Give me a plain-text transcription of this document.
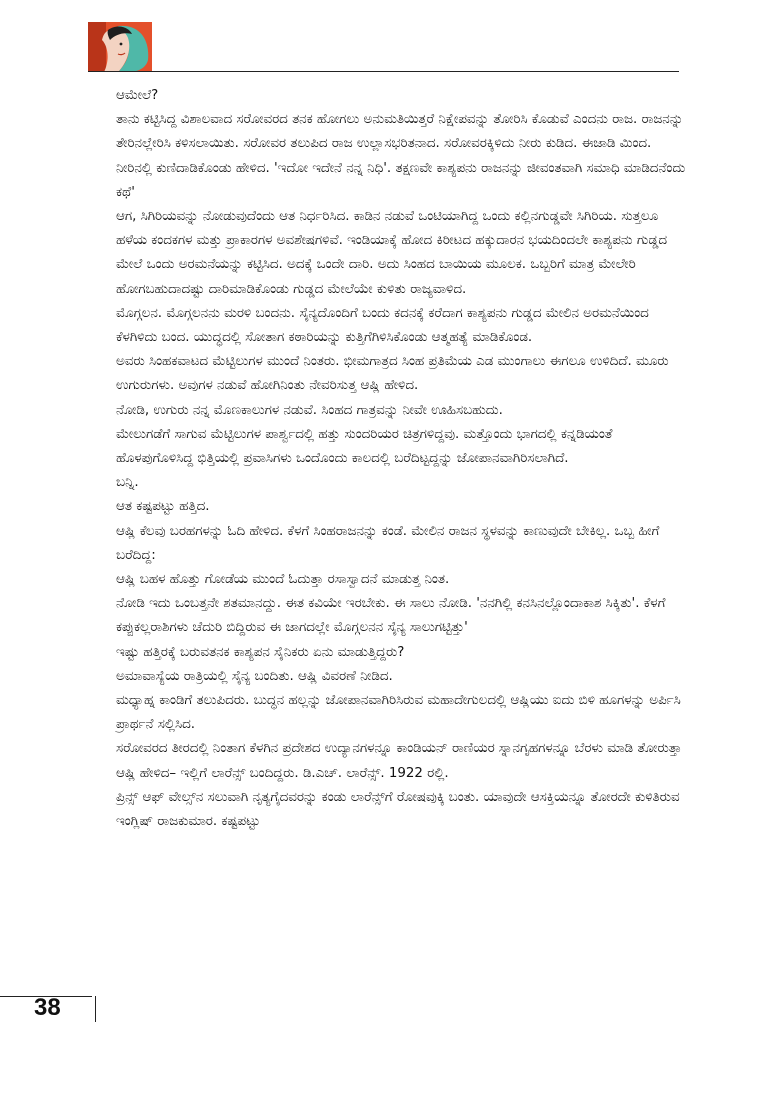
ಆಮೇಲೆ?

ತಾನು ಕಟ್ಟಿಸಿದ್ದ ವಿಶಾಲವಾದ ಸರೋವರದ ತನಕ ಹೋಗಲು ಅನುಮತಿಯಿತ್ತರೆ ನಿಕ್ಷೇಪವನ್ನು ತೋರಿಸಿ ಕೊಡುವೆ ಎಂದನು ರಾಜ. ರಾಜನನ್ನು ತೇರಿನಲ್ಲೇರಿಸಿ ಕಳಿಸಲಾಯಿತು. ಸರೋವರ ತಲುಪಿದ ರಾಜ ಉಲ್ಲಾಸಭರಿತನಾದ. ಸರೋವರಕ್ಕಿಳಿದು ನೀರು ಕುಡಿದ. ಈಜಾಡಿ ಮಿಂದ. ನೀರಿನಲ್ಲಿ ಕುಣಿದಾಡಿಕೊಂಡು ಹೇಳಿದ. 'ಇದೋ ಇದೇನೆ ನನ್ನ ನಿಧಿ'. ತಕ್ಷಣವೇ ಕಾಶ್ಯಪನು ರಾಜನನ್ನು ಜೀವಂತವಾಗಿ ಸಮಾಧಿ ಮಾಡಿದನೆಂದು ಕಥೆ'

ಆಗ, ಸಿಗಿರಿಯವನ್ನು ನೋಡುವುದೆಂದು ಆತ ನಿರ್ಧರಿಸಿದ. ಕಾಡಿನ ನಡುವೆ ಒಂಟಿಯಾಗಿದ್ದ ಒಂದು ಕಲ್ಲಿನಗುಡ್ಡವೇ ಸಿಗಿರಿಯ. ಸುತ್ತಲೂ ಹಳೆಯ ಕಂದಕಗಳ ಮತ್ತು ಪ್ರಾಕಾರಗಳ ಅವಶೇಷಗಳಿವೆ. ಇಂಡಿಯಾಕ್ಕೆ ಹೋದ ಕಿರೀಟದ ಹಕ್ಕುದಾರನ ಭಯದಿಂದಲೇ ಕಾಶ್ಯಪನು ಗುಡ್ಡದ ಮೇಲೆ ಒಂದು ಅರಮನೆಯನ್ನು ಕಟ್ಟಿಸಿದ. ಅದಕ್ಕೆ ಒಂದೇ ದಾರಿ. ಅದು ಸಿಂಹದ ಬಾಯಿಯ ಮೂಲಕ. ಒಬ್ಬರಿಗೆ ಮಾತ್ರ ಮೇಲೇರಿ ಹೋಗಬಹುದಾದಷ್ಟು ದಾರಿಮಾಡಿಕೊಂಡು ಗುಡ್ಡದ ಮೇಲೆಯೇ ಕುಳಿತು ರಾಜ್ಯವಾಳಿದ.

ಮೊಗ್ಗಲನ. ಮೊಗ್ಗಲನನು ಮರಳಿ ಬಂದನು. ಸೈನ್ಯದೊಂದಿಗೆ ಬಂದು ಕದನಕ್ಕೆ ಕರೆದಾಗ ಕಾಶ್ಯಪನು ಗುಡ್ಡದ ಮೇಲಿನ ಅರಮನೆಯಿಂದ ಕೆಳಗಿಳಿದು ಬಂದ. ಯುದ್ಧದಲ್ಲಿ ಸೋತಾಗ ಕಠಾರಿಯನ್ನು ಕುತ್ತಿಗೆಗಿಳಿಸಿಕೊಂಡು ಆತ್ಮಹತ್ಯೆ ಮಾಡಿಕೊಂಡ.

ಅವರು ಸಿಂಹಕವಾಟದ ಮೆಟ್ಟಿಲುಗಳ ಮುಂದೆ ನಿಂತರು. ಭೀಮಗಾತ್ರದ ಸಿಂಹ ಪ್ರತಿಮೆಯ ಎಡ ಮುಂಗಾಲು ಈಗಲೂ ಉಳಿದಿದೆ. ಮೂರು ಉಗುರುಗಳು. ಅವುಗಳ ನಡುವೆ ಹೋಗಿನಿಂತು ನೇವರಿಸುತ್ತ ಆಷ್ಲಿ ಹೇಳಿದ.

ನೋಡಿ, ಉಗುರು ನನ್ನ ಮೊಣಕಾಲುಗಳ ನಡುವೆ. ಸಿಂಹದ ಗಾತ್ರವನ್ನು ನೀವೇ ಊಹಿಸಬಹುದು.

ಮೇಲುಗಡೆಗೆ ಸಾಗುವ ಮೆಟ್ಟಿಲುಗಳ ಪಾರ್ಶ್ವದಲ್ಲಿ ಹತ್ತು ಸುಂದರಿಯರ ಚಿತ್ರಗಳಿದ್ದವು. ಮತ್ತೊಂದು ಭಾಗದಲ್ಲಿ ಕನ್ನಡಿಯಂತೆ ಹೊಳಪುಗೊಳಿಸಿದ್ದ ಭಿತ್ತಿಯಲ್ಲಿ ಪ್ರವಾಸಿಗಳು ಒಂದೊಂದು ಕಾಲದಲ್ಲಿ ಬರೆದಿಟ್ಟದ್ದನ್ನು ಜೋಪಾನವಾಗಿರಿಸಲಾಗಿದೆ.

ಬನ್ನಿ.

ಆತ ಕಷ್ಟಪಟ್ಟು ಹತ್ತಿದ.

ಆಷ್ಲಿ ಕೆಲವು ಬರಹಗಳನ್ನು ಓದಿ ಹೇಳಿದ. ಕೆಳಗೆ ಸಿಂಹರಾಜನನ್ನು ಕಂಡೆ. ಮೇಲಿನ ರಾಜನ ಸ್ಥಳವನ್ನು ಕಾಣುವುದೇ ಬೇಕಿಲ್ಲ. ಒಬ್ಬ ಹೀಗೆ ಬರೆದಿದ್ದ:

ಆಷ್ಲಿ ಬಹಳ ಹೊತ್ತು ಗೋಡೆಯ ಮುಂದೆ ಓದುತ್ತಾ ರಸಾಸ್ವಾದನೆ ಮಾಡುತ್ತ ನಿಂತ.

ನೋಡಿ ಇದು ಒಂಬತ್ತನೇ ಶತಮಾನದ್ದು. ಈತ ಕವಿಯೇ ಇರಬೇಕು. ಈ ಸಾಲು ನೋಡಿ. 'ನನಗಿಲ್ಲಿ ಕನಸಿನಲ್ಲೊಂದಾಕಾಶ ಸಿಕ್ಕಿತು'. ಕೆಳಗೆ ಕಪ್ಪುಕಲ್ಲರಾಶಿಗಳು ಚೆದುರಿ ಬಿದ್ದಿರುವ ಈ ಜಾಗದಲ್ಲೇ ಮೊಗ್ಗಲನನ ಸೈನ್ಯ ಸಾಲುಗಟ್ಟಿತ್ತು'

ಇಷ್ಟು ಹತ್ತಿರಕ್ಕೆ ಬರುವತನಕ ಕಾಶ್ಯಪನ ಸೈನಿಕರು ಏನು ಮಾಡುತ್ತಿದ್ದರು?

ಅಮಾವಾಸ್ಯೆಯ ರಾತ್ರಿಯಲ್ಲಿ ಸೈನ್ಯ ಬಂದಿತು. ಆಷ್ಲಿ ವಿವರಣೆ ನೀಡಿದ.

ಮಧ್ಯಾಹ್ನ ಕಾಂಡಿಗೆ ತಲುಪಿದರು. ಬುದ್ಧನ ಹಲ್ಲನ್ನು ಜೋಪಾನವಾಗಿರಿಸಿರುವ ಮಹಾದೇಗುಲದಲ್ಲಿ ಆಷ್ಲಿಯು ಐದು ಬಿಳಿ ಹೂಗಳನ್ನು ಅರ್ಪಿಸಿ ಪ್ರಾರ್ಥನೆ ಸಲ್ಲಿಸಿದ.

ಸರೋವರದ ತೀರದಲ್ಲಿ ನಿಂತಾಗ ಕೆಳಗಿನ ಪ್ರದೇಶದ ಉದ್ಯಾನಗಳನ್ನೂ ಕಾಂಡಿಯನ್ ರಾಣಿಯರ ಸ್ನಾನಗೃಹಗಳನ್ನೂ ಬೆರಳು ಮಾಡಿ ತೋರುತ್ತಾ ಆಷ್ಲಿ ಹೇಳಿದ– ಇಲ್ಲಿಗೆ ಲಾರೆನ್ಸ್ ಬಂದಿದ್ದರು. ಡಿ.ಎಚ್. ಲಾರೆನ್ಸ್. 1922 ರಲ್ಲಿ.

ಪ್ರಿನ್ಸ್ ಆಫ್ ವೇಲ್ಸ್‌ನ ಸಲುವಾಗಿ ನೃತ್ಯಗೈದವರನ್ನು ಕಂಡು ಲಾರೆನ್ಸ್‌ಗೆ ರೋಷವುಕ್ಕಿ ಬಂತು. ಯಾವುದೇ ಆಸಕ್ತಿಯನ್ನೂ ತೋರದೇ ಕುಳಿತಿರುವ ಇಂಗ್ಲಿಷ್ ರಾಜಕುಮಾರ. ಕಷ್ಟಪಟ್ಟು

38
